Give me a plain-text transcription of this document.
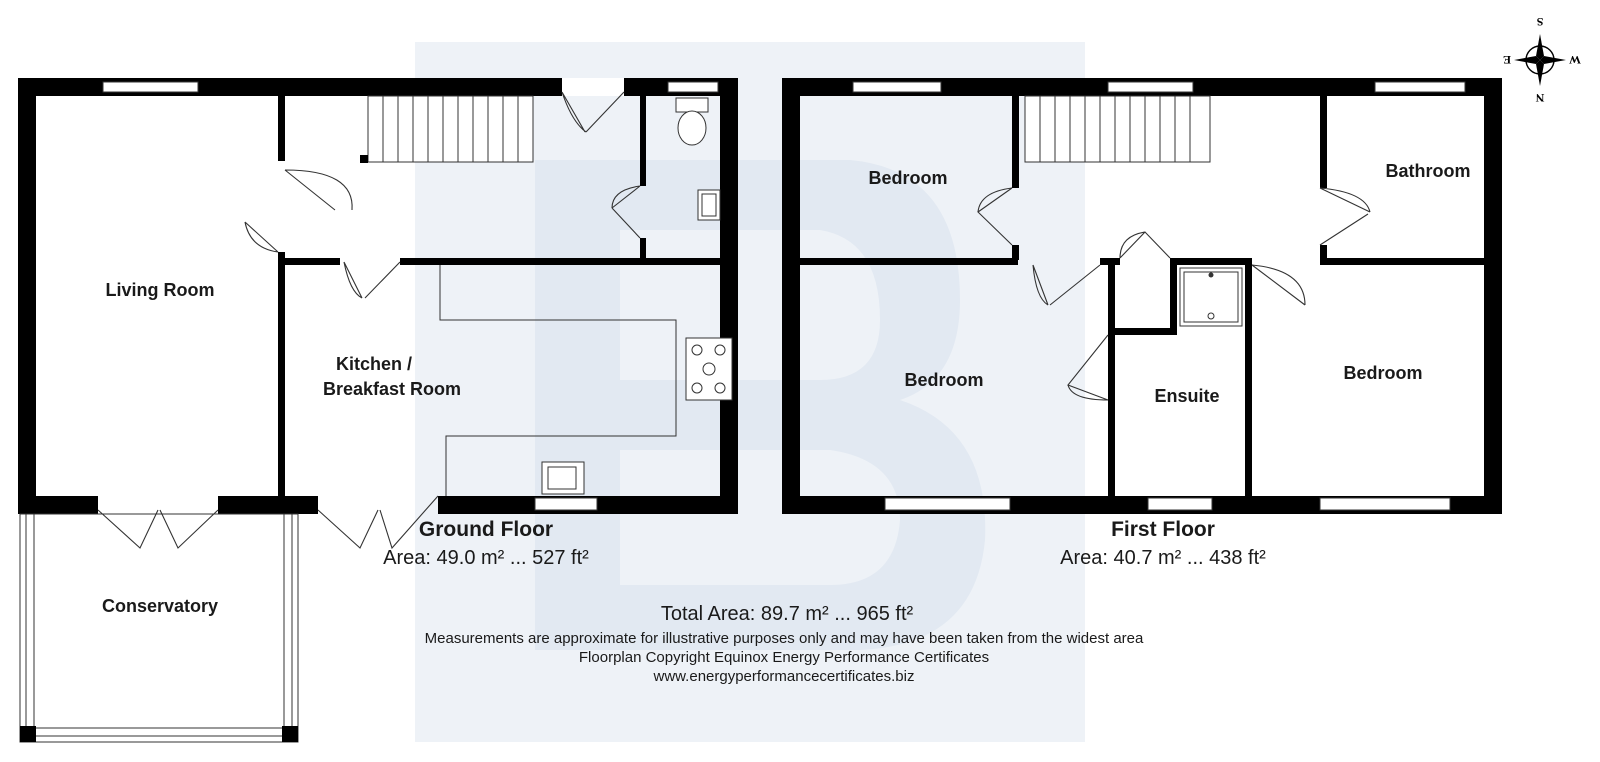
S
E	W
N
Living Room
Kitchen /
Breakfast Room
Conservatory
Bedroom	Bathroom
Bedroom
Ensuite
Bedroom
Ground Floor
Area: 49.0 m² ... 527 ft²
First Floor
Area: 40.7 m² ... 438 ft²
Total Area: 89.7 m² ... 965 ft²
Measurements are approximate for illustrative purposes only and may have been taken from the widest area
Floorplan Copyright Equinox Energy Performance Certificates
www.energyperformancecertificates.biz
